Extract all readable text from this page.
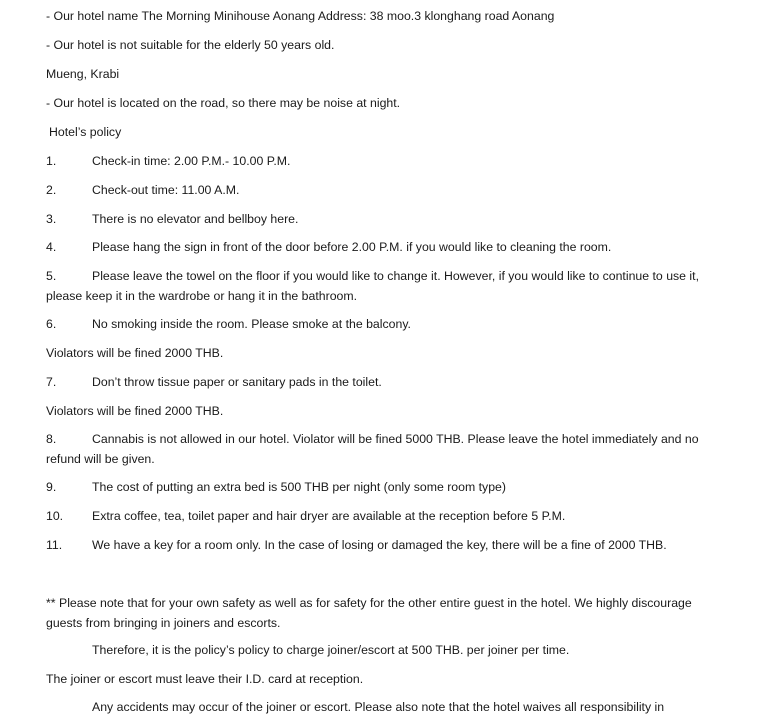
- Our hotel name The Morning Minihouse Aonang Address: 38 moo.3 klonghang road Aonang
- Our hotel is not suitable for the elderly 50 years old.
Mueng, Krabi
- Our hotel is located on the road, so there may be noise at night.
Hotel’s policy
1.	Check-in time: 2.00 P.M.- 10.00 P.M.
2.	Check-out time: 11.00 A.M.
3.	There is no elevator and bellboy here.
4.	Please hang the sign in front of the door before 2.00 P.M. if you would like to cleaning the room.
5.	Please leave the towel on the floor if you would like to change it. However, if you would like to continue to use it, please keep it in the wardrobe or hang it in the bathroom.
6.	No smoking inside the room. Please smoke at the balcony.
Violators will be fined 2000 THB.
7.	Don’t throw tissue paper or sanitary pads in the toilet.
Violators will be fined 2000 THB.
8.	Cannabis is not allowed in our hotel. Violator will be fined 5000 THB. Please leave the hotel immediately and no refund will be given.
9.	The cost of putting an extra bed is 500 THB per night (only some room type)
10.	Extra coffee, tea, toilet paper and hair dryer are available at the reception before 5 P.M.
11.	We have a key for a room only. In the case of losing or damaged the key, there will be a fine of 2000 THB.
** Please note that for your own safety as well as for safety for the other entire guest in the hotel. We highly discourage guests from bringing in joiners and escorts.
Therefore, it is the policy’s policy to charge joiner/escort at 500 THB. per joiner per time.
The joiner or escort must leave their I.D. card at reception.
Any accidents may occur of the joiner or escort. Please also note that the hotel waives all responsibility in
